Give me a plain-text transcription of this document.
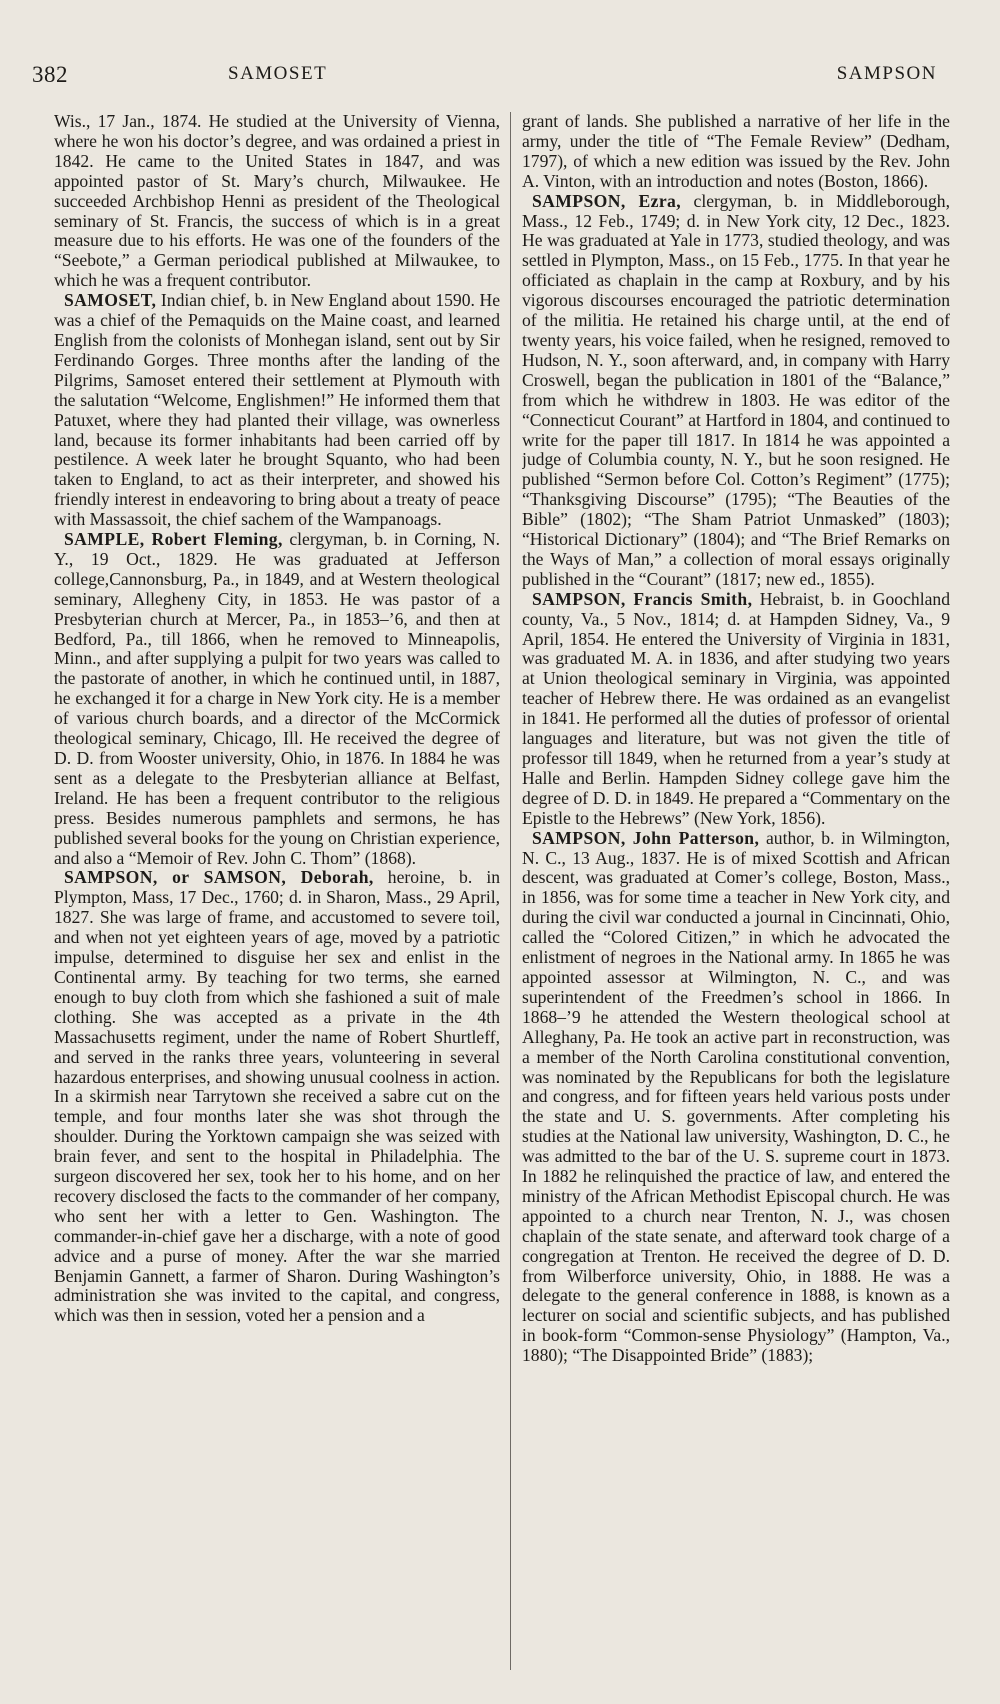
382	SAMOSET	SAMPSON

Wis., 17 Jan., 1874. He studied at the University of Vienna, where he won his doctor’s degree, and was ordained a priest in 1842. He came to the United States in 1847, and was appointed pastor of St. Mary’s church, Milwaukee. He succeeded Archbishop Henni as president of the Theological seminary of St. Francis, the success of which is in a great measure due to his efforts. He was one of the founders of the “Seebote,” a German periodical published at Milwaukee, to which he was a frequent contributor.

SAMOSET, Indian chief, b. in New England about 1590. He was a chief of the Pemaquids on the Maine coast, and learned English from the colonists of Monhegan island, sent out by Sir Ferdinando Gorges. Three months after the landing of the Pilgrims, Samoset entered their settlement at Plymouth with the salutation “Welcome, Englishmen!” He informed them that Patuxet, where they had planted their village, was ownerless land, because its former inhabitants had been carried off by pestilence. A week later he brought Squanto, who had been taken to England, to act as their interpreter, and showed his friendly interest in endeavoring to bring about a treaty of peace with Massassoit, the chief sachem of the Wampanoags.

SAMPLE, Robert Fleming, clergyman, b. in Corning, N. Y., 19 Oct., 1829. He was graduated at Jefferson college,Cannonsburg, Pa., in 1849, and at Western theological seminary, Allegheny City, in 1853. He was pastor of a Presbyterian church at Mercer, Pa., in 1853–’6, and then at Bedford, Pa., till 1866, when he removed to Minneapolis, Minn., and after supplying a pulpit for two years was called to the pastorate of another, in which he continued until, in 1887, he exchanged it for a charge in New York city. He is a member of various church boards, and a director of the McCormick theological seminary, Chicago, Ill. He received the degree of D. D. from Wooster university, Ohio, in 1876. In 1884 he was sent as a delegate to the Presbyterian alliance at Belfast, Ireland. He has been a frequent contributor to the religious press. Besides numerous pamphlets and sermons, he has published several books for the young on Christian experience, and also a “Memoir of Rev. John C. Thom” (1868).

SAMPSON, or SAMSON, Deborah, heroine, b. in Plympton, Mass, 17 Dec., 1760; d. in Sharon, Mass., 29 April, 1827. She was large of frame, and accustomed to severe toil, and when not yet eighteen years of age, moved by a patriotic impulse, determined to disguise her sex and enlist in the Continental army. By teaching for two terms, she earned enough to buy cloth from which she fashioned a suit of male clothing. She was accepted as a private in the 4th Massachusetts regiment, under the name of Robert Shurtleff, and served in the ranks three years, volunteering in several hazardous enterprises, and showing unusual coolness in action. In a skirmish near Tarrytown she received a sabre cut on the temple, and four months later she was shot through the shoulder. During the Yorktown campaign she was seized with brain fever, and sent to the hospital in Philadelphia. The surgeon discovered her sex, took her to his home, and on her recovery disclosed the facts to the commander of her company, who sent her with a letter to Gen. Washington. The commander-in-chief gave her a discharge, with a note of good advice and a purse of money. After the war she married Benjamin Gannett, a farmer of Sharon. During Washington’s administration she was invited to the capital, and congress, which was then in session, voted her a pension and a

grant of lands. She published a narrative of her life in the army, under the title of “The Female Review” (Dedham, 1797), of which a new edition was issued by the Rev. John A. Vinton, with an introduction and notes (Boston, 1866).

SAMPSON, Ezra, clergyman, b. in Middleborough, Mass., 12 Feb., 1749; d. in New York city, 12 Dec., 1823. He was graduated at Yale in 1773, studied theology, and was settled in Plympton, Mass., on 15 Feb., 1775. In that year he officiated as chaplain in the camp at Roxbury, and by his vigorous discourses encouraged the patriotic determination of the militia. He retained his charge until, at the end of twenty years, his voice failed, when he resigned, removed to Hudson, N. Y., soon afterward, and, in company with Harry Croswell, began the publication in 1801 of the “Balance,” from which he withdrew in 1803. He was editor of the “Connecticut Courant” at Hartford in 1804, and continued to write for the paper till 1817. In 1814 he was appointed a judge of Columbia county, N. Y., but he soon resigned. He published “Sermon before Col. Cotton’s Regiment” (1775); “Thanksgiving Discourse” (1795); “The Beauties of the Bible” (1802); “The Sham Patriot Unmasked” (1803); “Historical Dictionary” (1804); and “The Brief Remarks on the Ways of Man,” a collection of moral essays originally published in the “Courant” (1817; new ed., 1855).

SAMPSON, Francis Smith, Hebraist, b. in Goochland county, Va., 5 Nov., 1814; d. at Hampden Sidney, Va., 9 April, 1854. He entered the University of Virginia in 1831, was graduated M. A. in 1836, and after studying two years at Union theological seminary in Virginia, was appointed teacher of Hebrew there. He was ordained as an evangelist in 1841. He performed all the duties of professor of oriental languages and literature, but was not given the title of professor till 1849, when he returned from a year’s study at Halle and Berlin. Hampden Sidney college gave him the degree of D. D. in 1849. He prepared a “Commentary on the Epistle to the Hebrews” (New York, 1856).

SAMPSON, John Patterson, author, b. in Wilmington, N. C., 13 Aug., 1837. He is of mixed Scottish and African descent, was graduated at Comer’s college, Boston, Mass., in 1856, was for some time a teacher in New York city, and during the civil war conducted a journal in Cincinnati, Ohio, called the “Colored Citizen,” in which he advocated the enlistment of negroes in the National army. In 1865 he was appointed assessor at Wilmington, N. C., and was superintendent of the Freedmen’s school in 1866. In 1868–’9 he attended the Western theological school at Alleghany, Pa. He took an active part in reconstruction, was a member of the North Carolina constitutional convention, was nominated by the Republicans for both the legislature and congress, and for fifteen years held various posts under the state and U. S. governments. After completing his studies at the National law university, Washington, D. C., he was admitted to the bar of the U. S. supreme court in 1873. In 1882 he relinquished the practice of law, and entered the ministry of the African Methodist Episcopal church. He was appointed to a church near Trenton, N. J., was chosen chaplain of the state senate, and afterward took charge of a congregation at Trenton. He received the degree of D. D. from Wilberforce university, Ohio, in 1888. He was a delegate to the general conference in 1888, is known as a lecturer on social and scientific subjects, and has published in book-form “Common-sense Physiology” (Hampton, Va., 1880); “The Disappointed Bride” (1883);
